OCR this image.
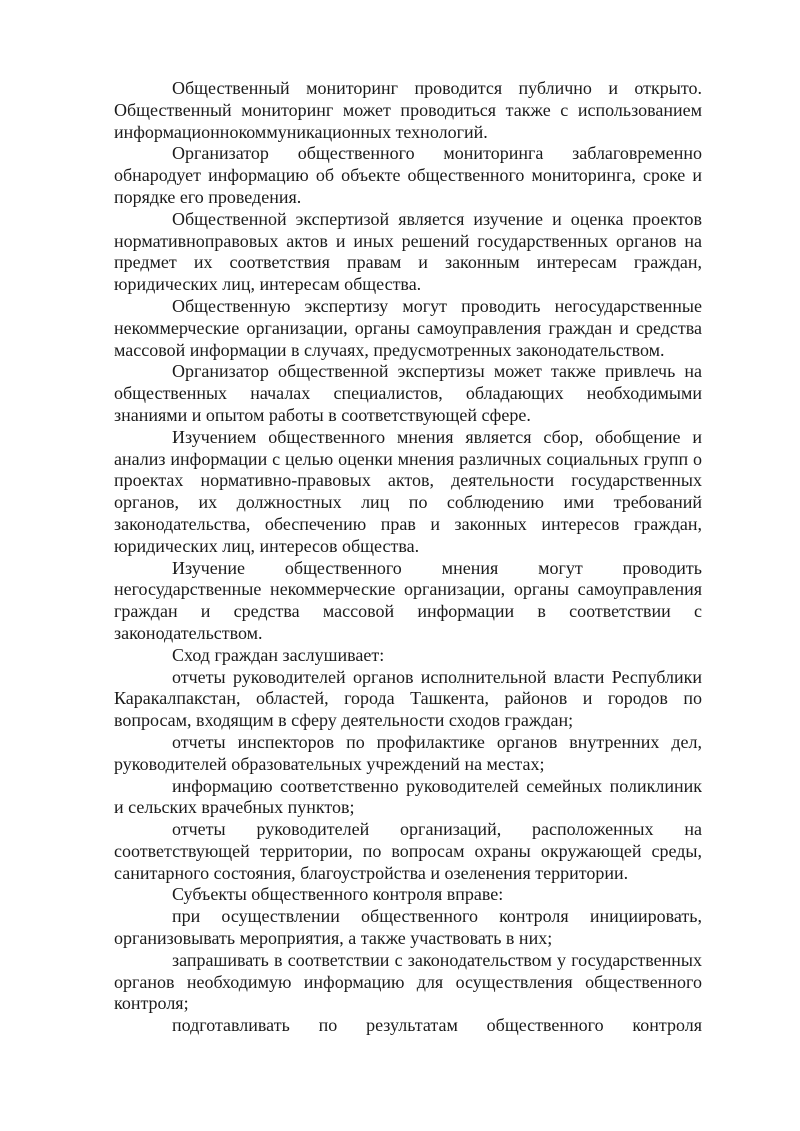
Общественный мониторинг проводится публично и открыто. Общественный мониторинг может проводиться также с использованием информационнокоммуникационных технологий.

Организатор общественного мониторинга заблаговременно обнародует информацию об объекте общественного мониторинга, сроке и порядке его проведения.

Общественной экспертизой является изучение и оценка проектов нормативноправовых актов и иных решений государственных органов на предмет их соответствия правам и законным интересам граждан, юридических лиц, интересам общества.

Общественную экспертизу могут проводить негосударственные некоммерческие организации, органы самоуправления граждан и средства массовой информации в случаях, предусмотренных законодательством.

Организатор общественной экспертизы может также привлечь на общественных началах специалистов, обладающих необходимыми знаниями и опытом работы в соответствующей сфере.

Изучением общественного мнения является сбор, обобщение и анализ информации с целью оценки мнения различных социальных групп о проектах нормативно-правовых актов, деятельности государственных органов, их должностных лиц по соблюдению ими требований законодательства, обеспечению прав и законных интересов граждан, юридических лиц, интересов общества.

Изучение общественного мнения могут проводить негосударственные некоммерческие организации, органы самоуправления граждан и средства массовой информации в соответствии с законодательством.

Сход граждан заслушивает:

отчеты руководителей органов исполнительной власти Республики Каракалпакстан, областей, города Ташкента, районов и городов по вопросам, входящим в сферу деятельности сходов граждан;

отчеты инспекторов по профилактике органов внутренних дел, руководителей образовательных учреждений на местах;

информацию соответственно руководителей семейных поликлиник и сельских врачебных пунктов;

отчеты руководителей организаций, расположенных на соответствующей территории, по вопросам охраны окружающей среды, санитарного состояния, благоустройства и озеленения территории.

Субъекты общественного контроля вправе:

при осуществлении общественного контроля инициировать, организовывать мероприятия, а также участвовать в них;

запрашивать в соответствии с законодательством у государственных органов необходимую информацию для осуществления общественного контроля;

подготавливать по результатам общественного контроля
